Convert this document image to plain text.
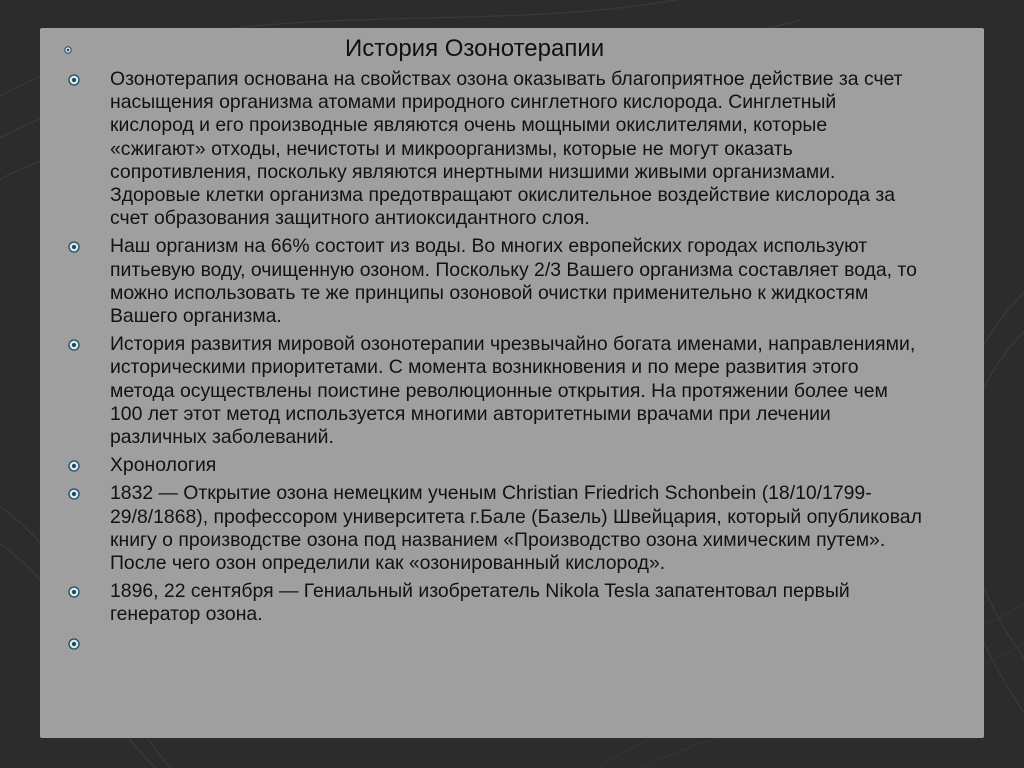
История Озонотерапии
Озонотерапия основана на свойствах озона оказывать благоприятное действие за счет насыщения организма атомами природного синглетного кислорода. Синглетный кислород и его производные являются очень мощными окислителями, которые «сжигают» отходы, нечистоты и микроорганизмы, которые не могут оказать сопротивления, поскольку являются инертными низшими живыми организмами. Здоровые клетки организма предотвращают окислительное воздействие кислорода за счет образования защитного антиоксидантного слоя.
Наш организм на 66% состоит из воды. Во многих европейских городах используют питьевую воду, очищенную озоном. Поскольку 2/3 Вашего организма составляет вода, то можно использовать те же принципы озоновой очистки применительно к жидкостям Вашего организма.
История развития мировой озонотерапии чрезвычайно богата именами, направлениями, историческими приоритетами. С момента возникновения и по мере развития этого метода осуществлены поистине революционные открытия. На протяжении более чем 100 лет этот метод используется многими авторитетными врачами при лечении различных заболеваний.
Хронология
1832 — Открытие озона немецким ученым Christian Friedrich Schonbein (18/10/1799-29/8/1868), профессором университета г.Бале (Базель) Швейцария, который опубликовал книгу о производстве озона под названием «Производство озона химическим путем». После чего озон определили как «озонированный кислород».
1896, 22 сентября — Гениальный изобретатель Nikola Tesla запатентовал первый генератор озона.
